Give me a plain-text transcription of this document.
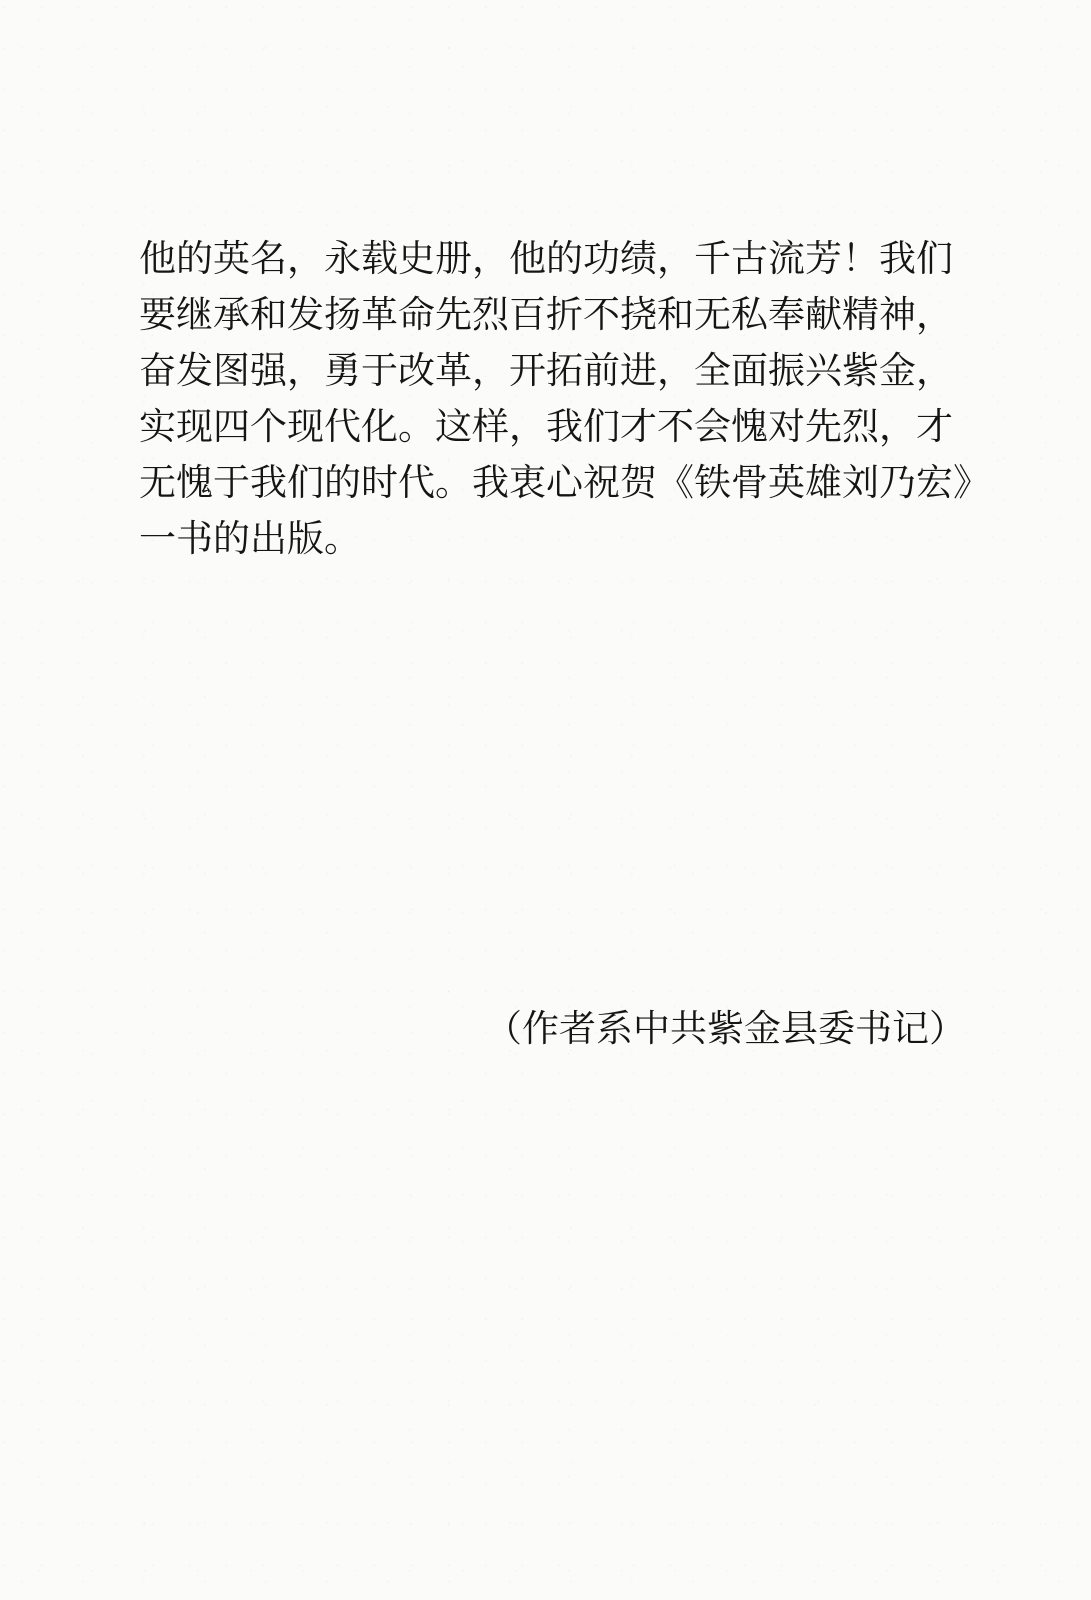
他的英名，永载史册，他的功绩，千古流芳！我们
要继承和发扬革命先烈百折不挠和无私奉献精神，
奋发图强，勇于改革，开拓前进，全面振兴紫金，
实现四个现代化。这样，我们才不会愧对先烈，才
无愧于我们的时代。我衷心祝贺《铁骨英雄刘乃宏》
一书的出版。
（作者系中共紫金县委书记）
